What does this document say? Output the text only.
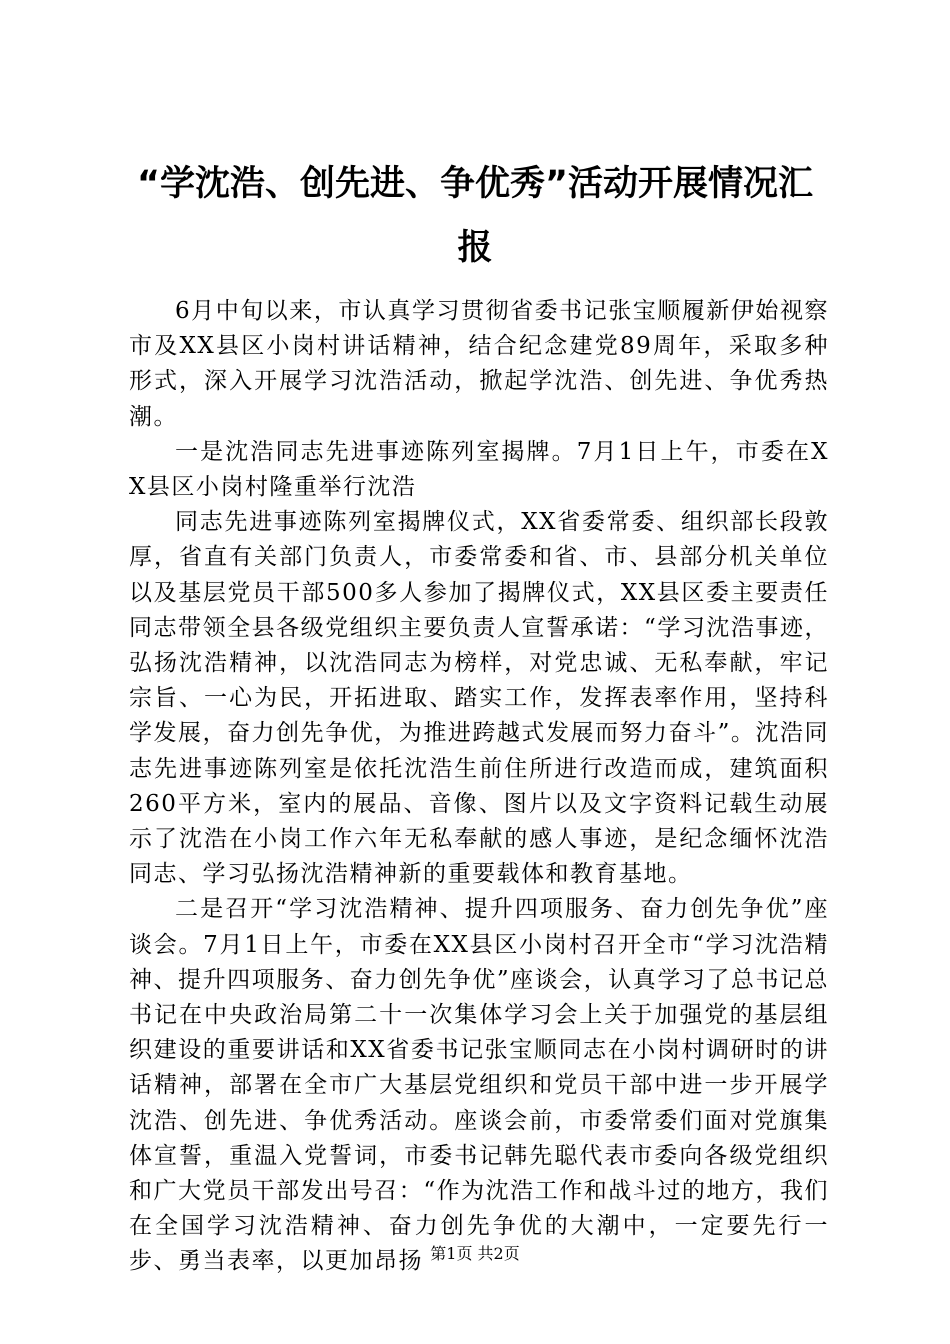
“学沈浩、创先进、争优秀”活动开展情况汇报

6月中旬以来，市认真学习贯彻省委书记张宝顺履新伊始视察市及XX县区小岗村讲话精神，结合纪念建党89周年，采取多种形式，深入开展学习沈浩活动，掀起学沈浩、创先进、争优秀热潮。

一是沈浩同志先进事迹陈列室揭牌。7月1日上午，市委在XX县区小岗村隆重举行沈浩

同志先进事迹陈列室揭牌仪式，XX省委常委、组织部长段敦厚，省直有关部门负责人，市委常委和省、市、县部分机关单位以及基层党员干部500多人参加了揭牌仪式，XX县区委主要责任同志带领全县各级党组织主要负责人宣誓承诺：“学习沈浩事迹，弘扬沈浩精神，以沈浩同志为榜样，对党忠诚、无私奉献，牢记宗旨、一心为民，开拓进取、踏实工作，发挥表率作用，坚持科学发展，奋力创先争优，为推进跨越式发展而努力奋斗”。沈浩同志先进事迹陈列室是依托沈浩生前住所进行改造而成，建筑面积260平方米，室内的展品、音像、图片以及文字资料记载生动展示了沈浩在小岗工作六年无私奉献的感人事迹，是纪念缅怀沈浩同志、学习弘扬沈浩精神新的重要载体和教育基地。

二是召开“学习沈浩精神、提升四项服务、奋力创先争优”座谈会。7月1日上午，市委在XX县区小岗村召开全市“学习沈浩精神、提升四项服务、奋力创先争优”座谈会，认真学习了总书记总书记在中央政治局第二十一次集体学习会上关于加强党的基层组织建设的重要讲话和XX省委书记张宝顺同志在小岗村调研时的讲话精神，部署在全市广大基层党组织和党员干部中进一步开展学沈浩、创先进、争优秀活动。座谈会前，市委常委们面对党旗集体宣誓，重温入党誓词，市委书记韩先聪代表市委向各级党组织和广大党员干部发出号召：“作为沈浩工作和战斗过的地方，我们在全国学习沈浩精神、奋力创先争优的大潮中，一定要先行一步、勇当表率，以更加昂扬 第1页 共2页
